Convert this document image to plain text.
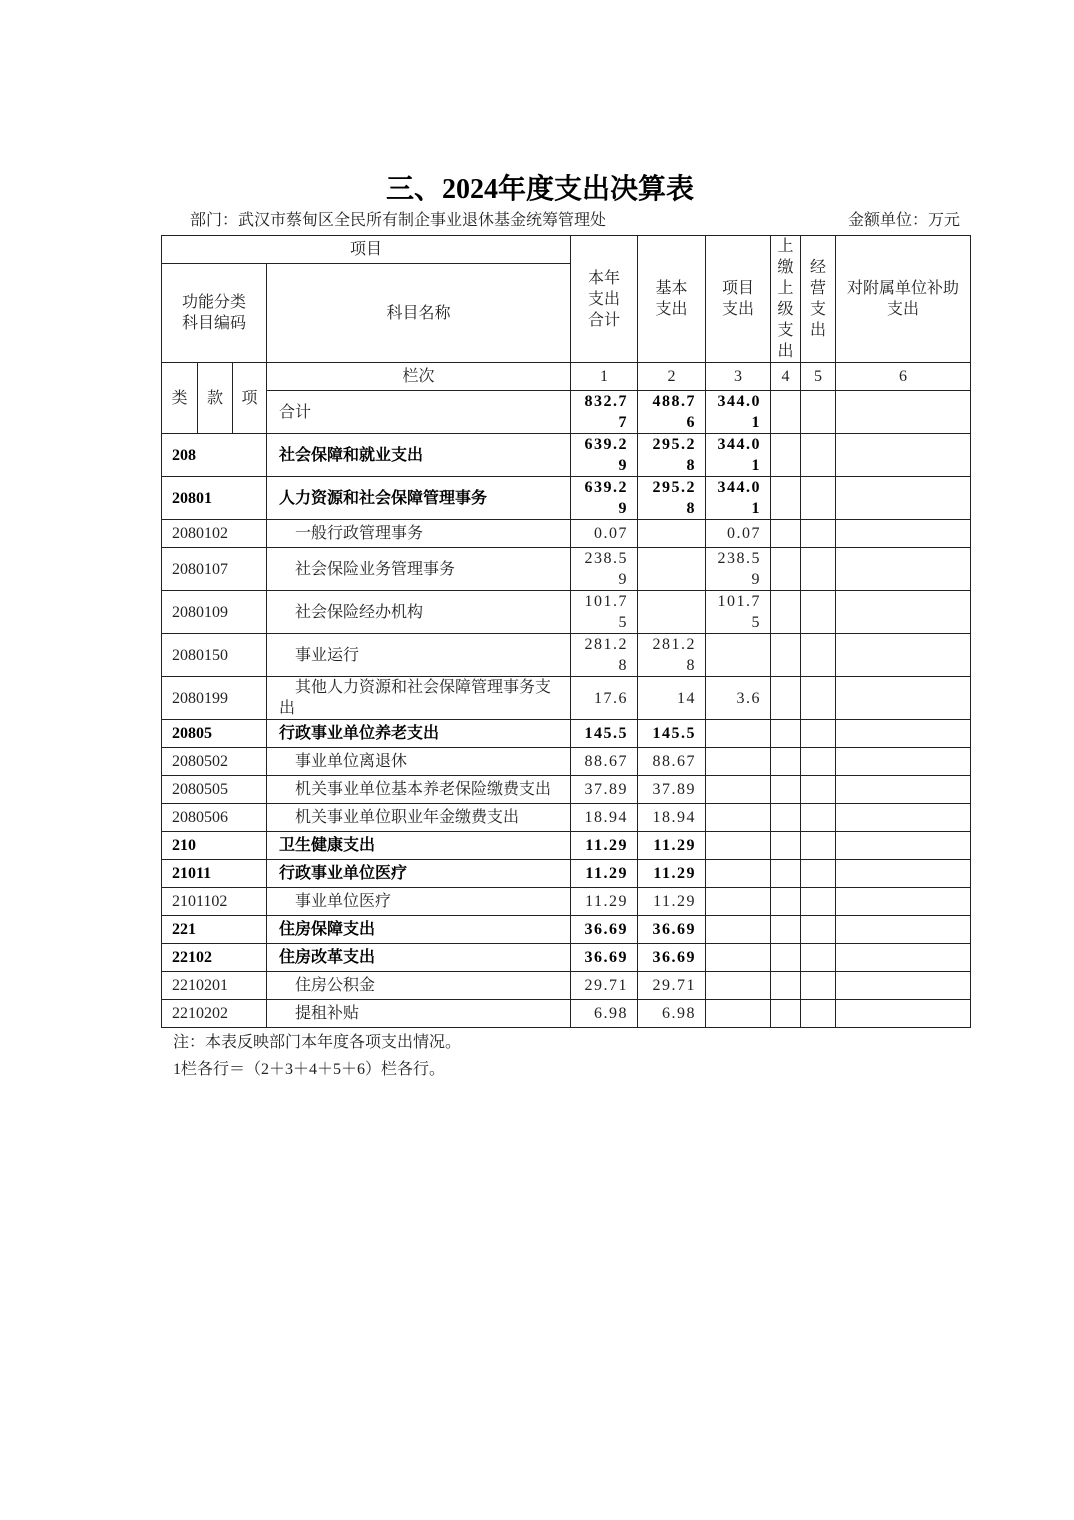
三、2024年度支出决算表
部门：武汉市蔡甸区全民所有制企事业退休基金统筹管理处	金额单位：万元
项目				本年支出合计	基本支出	项目支出	上缴上级支出	经营支出	对附属单位补助支出
功能分类科目编码			科目名称						
类	款	项	栏次	1	2	3	4	5	6
			合计	832.77	488.76	344.01			
208			社会保障和就业支出	639.29	295.28	344.01			
20801			人力资源和社会保障管理事务	639.29	295.28	344.01			
2080102			一般行政管理事务	0.07		0.07			
2080107			社会保险业务管理事务	238.59		238.59			
2080109			社会保险经办机构	101.75		101.75			
2080150			事业运行	281.28	281.28				
2080199			其他人力资源和社会保障管理事务支出	17.6	14	3.6			
20805			行政事业单位养老支出	145.5	145.5				
2080502			事业单位离退休	88.67	88.67				
2080505			机关事业单位基本养老保险缴费支出	37.89	37.89				
2080506			机关事业单位职业年金缴费支出	18.94	18.94				
210			卫生健康支出	11.29	11.29				
21011			行政事业单位医疗	11.29	11.29				
2101102			事业单位医疗	11.29	11.29				
221			住房保障支出	36.69	36.69				
22102			住房改革支出	36.69	36.69				
2210201			住房公积金	29.71	29.71				
2210202			提租补贴	6.98	6.98				
注：本表反映部门本年度各项支出情况。
1栏各行＝（2＋3＋4＋5＋6）栏各行。
